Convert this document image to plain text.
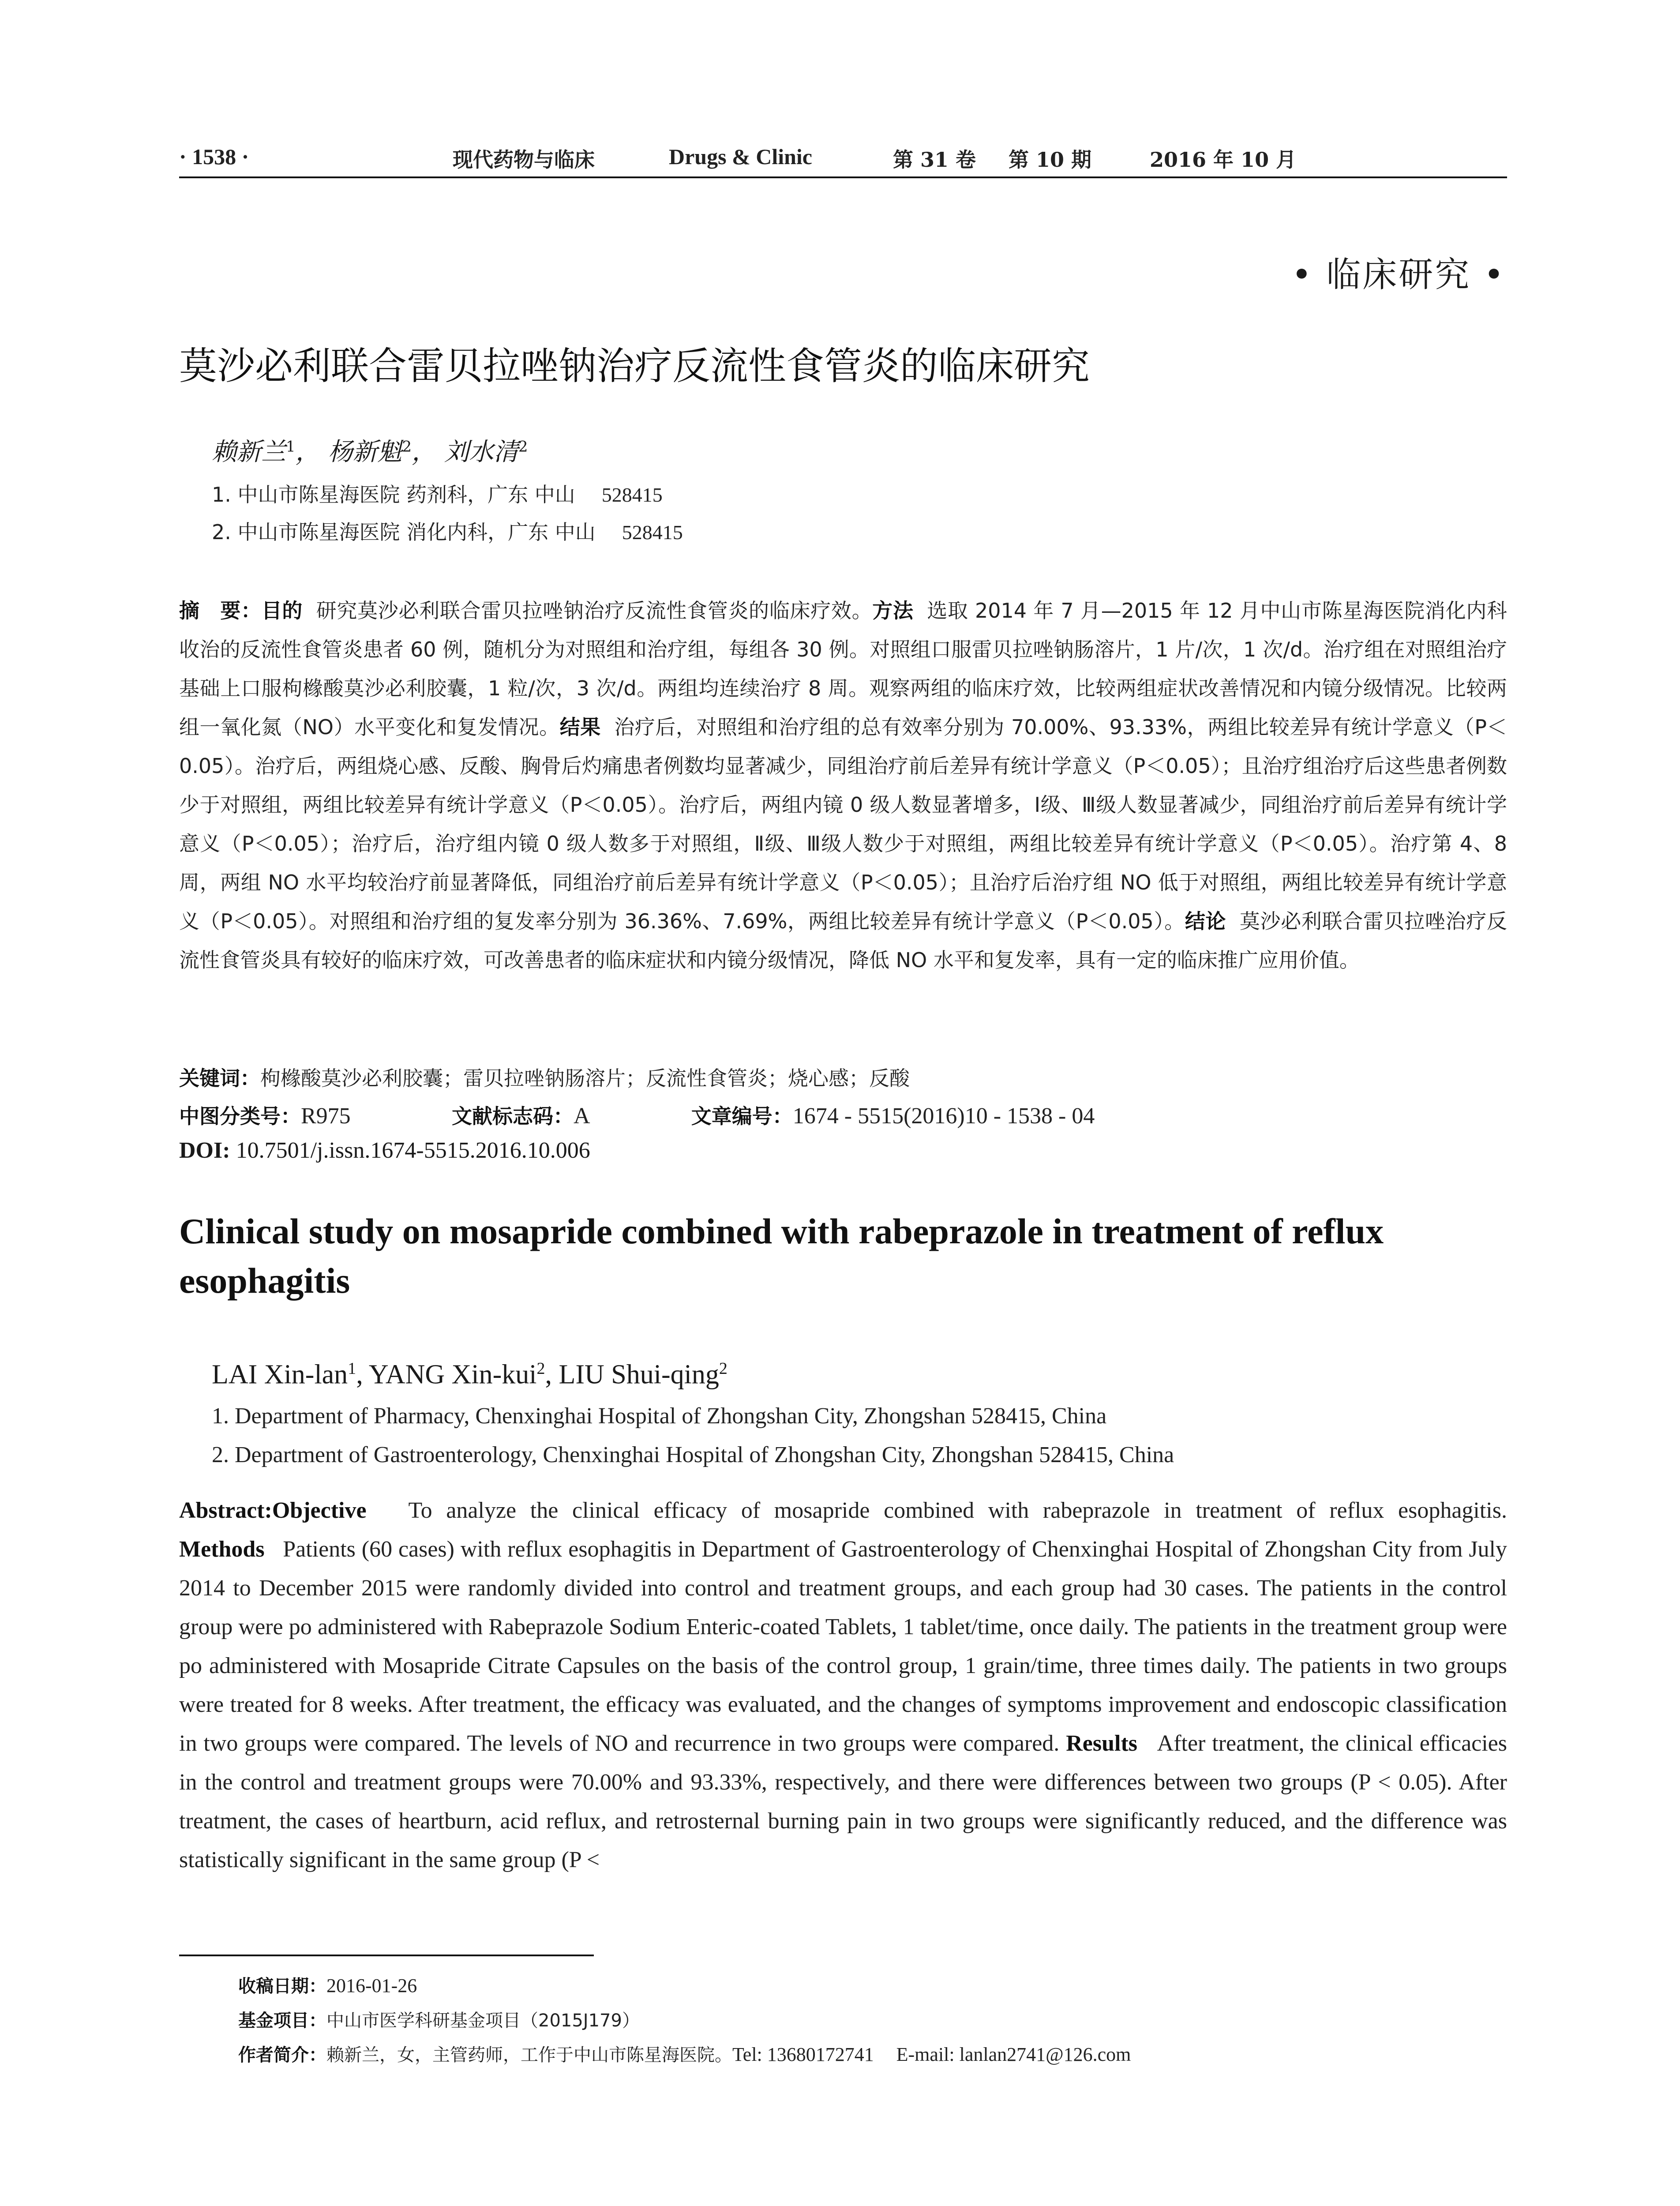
· 1538 ·	现代药物与临床	Drugs & Clinic	第 31 卷 第 10 期	2016 年 10 月
• 临床研究 •
莫沙必利联合雷贝拉唑钠治疗反流性食管炎的临床研究
赖新兰$^1$， 杨新魁$^2$， 刘水清$^2$
1. 中山市陈星海医院 药剂科，广东 中山 528415
2. 中山市陈星海医院 消化内科，广东 中山 528415
摘　要：目的 研究莫沙必利联合雷贝拉唑钠治疗反流性食管炎的临床疗效。方法 选取 2014 年 7 月—2015 年 12 月中山市陈星海医院消化内科收治的反流性食管炎患者 60 例，随机分为对照组和治疗组，每组各 30 例。对照组口服雷贝拉唑钠肠溶片，1 片/次，1 次/d。治疗组在对照组治疗基础上口服枸橼酸莫沙必利胶囊，1 粒/次，3 次/d。两组均连续治疗 8 周。观察两组的临床疗效，比较两组症状改善情况和内镜分级情况。比较两组一氧化氮（NO）水平变化和复发情况。结果 治疗后，对照组和治疗组的总有效率分别为 70.00%、93.33%，两组比较差异有统计学意义（P＜0.05）。治疗后，两组烧心感、反酸、胸骨后灼痛患者例数均显著减少，同组治疗前后差异有统计学意义（P＜0.05）；且治疗组治疗后这些患者例数少于对照组，两组比较差异有统计学意义（P＜0.05）。治疗后，两组内镜 0 级人数显著增多，Ⅰ级、Ⅲ级人数显著减少，同组治疗前后差异有统计学意义（P＜0.05）；治疗后，治疗组内镜 0 级人数多于对照组，Ⅱ级、Ⅲ级人数少于对照组，两组比较差异有统计学意义（P＜0.05）。治疗第 4、8 周，两组 NO 水平均较治疗前显著降低，同组治疗前后差异有统计学意义（P＜0.05）；且治疗后治疗组 NO 低于对照组，两组比较差异有统计学意义（P＜0.05）。对照组和治疗组的复发率分别为 36.36%、7.69%，两组比较差异有统计学意义（P＜0.05）。结论 莫沙必利联合雷贝拉唑治疗反流性食管炎具有较好的临床疗效，可改善患者的临床症状和内镜分级情况，降低 NO 水平和复发率，具有一定的临床推广应用价值。
关键词：枸橼酸莫沙必利胶囊；雷贝拉唑钠肠溶片；反流性食管炎；烧心感；反酸
中图分类号：R975	文献标志码：A	文章编号：1674 - 5515(2016)10 - 1538 - 04
DOI: 10.7501/j.issn.1674-5515.2016.10.006
Clinical study on mosapride combined with rabeprazole in treatment of reflux esophagitis
LAI Xin-lan$^1$, YANG Xin-kui$^2$, LIU Shui-qing$^2$
1. Department of Pharmacy, Chenxinghai Hospital of Zhongshan City, Zhongshan 528415, China
2. Department of Gastroenterology, Chenxinghai Hospital of Zhongshan City, Zhongshan 528415, China
Abstract:Objective To analyze the clinical efficacy of mosapride combined with rabeprazole in treatment of reflux esophagitis. Methods Patients (60 cases) with reflux esophagitis in Department of Gastroenterology of Chenxinghai Hospital of Zhongshan City from July 2014 to December 2015 were randomly divided into control and treatment groups, and each group had 30 cases. The patients in the control group were po administered with Rabeprazole Sodium Enteric-coated Tablets, 1 tablet/time, once daily. The patients in the treatment group were po administered with Mosapride Citrate Capsules on the basis of the control group, 1 grain/time, three times daily. The patients in two groups were treated for 8 weeks. After treatment, the efficacy was evaluated, and the changes of symptoms improvement and endoscopic classification in two groups were compared. The levels of NO and recurrence in two groups were compared. Results After treatment, the clinical efficacies in the control and treatment groups were 70.00% and 93.33%, respectively, and there were differences between two groups (P < 0.05). After treatment, the cases of heartburn, acid reflux, and retrosternal burning pain in two groups were significantly reduced, and the difference was statistically significant in the same group (P <
收稿日期：2016-01-26
基金项目：中山市医学科研基金项目（2015J179）
作者简介：赖新兰，女，主管药师，工作于中山市陈星海医院。Tel: 13680172741 E-mail: lanlan2741@126.com
